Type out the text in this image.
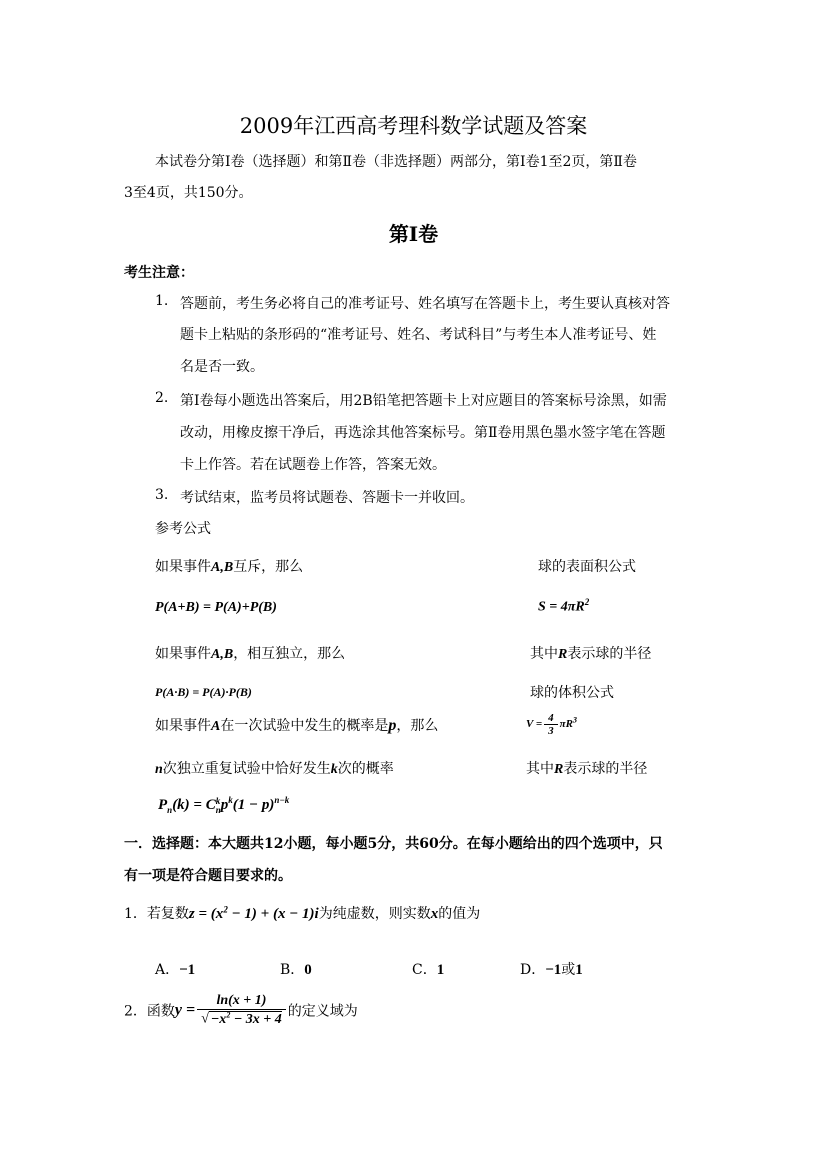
2009年江西高考理科数学试题及答案
本试卷分第Ⅰ卷（选择题）和第Ⅱ卷（非选择题）两部分，第Ⅰ卷1至2页，第Ⅱ卷
3至4页，共150分。
第Ⅰ卷
考生注意：
1. 答题前，考生务必将自己的准考证号、姓名填写在答题卡上，考生要认真核对答
题卡上粘贴的条形码的“准考证号、姓名、考试科目”与考生本人准考证号、姓
名是否一致。
2. 第Ⅰ卷每小题选出答案后，用2B铅笔把答题卡上对应题目的答案标号涂黑，如需
改动，用橡皮擦干净后，再选涂其他答案标号。第Ⅱ卷用黑色墨水签字笔在答题
卡上作答。若在试题卷上作答，答案无效。
3. 考试结束，监考员将试题卷、答题卡一并收回。
参考公式
如果事件A,B互斥，那么
P(A+B) = P(A)+P(B)
如果事件A,B，相互独立，那么
P(A·B) = P(A)·P(B)
如果事件A在一次试验中发生的概率是p，那么
n次独立重复试验中恰好发生k次的概率
$P_n(k) = C$ k
n $p^k(1 - p)^{n-k}$
球的表面积公式
$S = 4\pi R^2$
其中R表示球的半径
球的体积公式
$V = \frac{4}{3} \pi R^3$
其中R表示球的半径
一．选择题：本大题共12小题，每小题5分，共60分。在每小题给出的四个选项中，只
有一项是符合题目要求的。
1．若复数$z = (x^2 - 1) + (x - 1)i$为纯虚数，则实数x的值为
A．−1	B．0	C．1	D．−1或1
2．函数$y = \frac{\ln(x + 1)}{√ -x^2 - 3x + 4}$ 的定义域为
